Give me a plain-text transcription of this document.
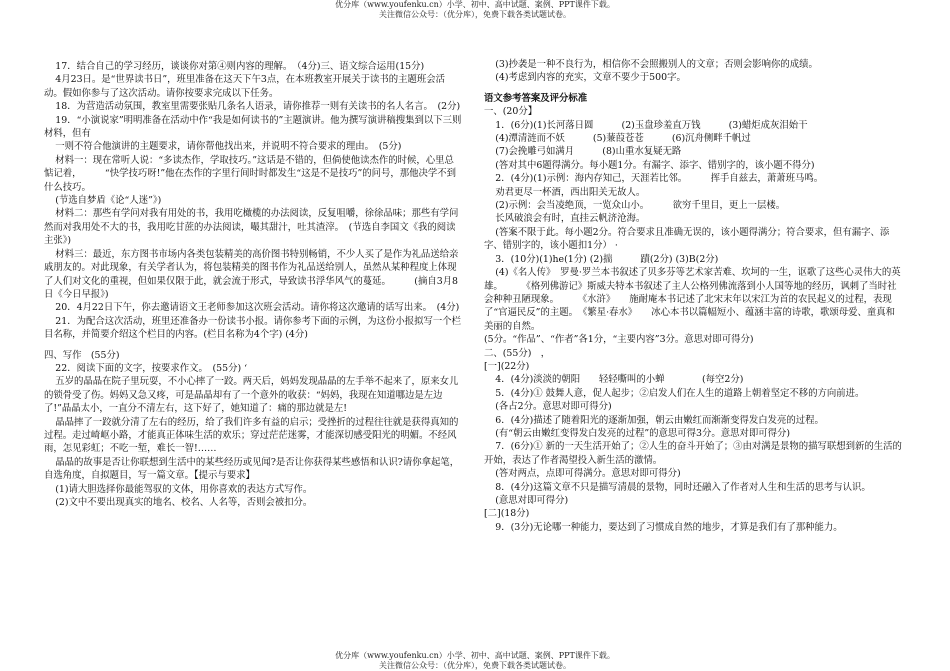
优分库（www.youfenku.cn）小学、初中、高中试题、案例、PPT课件下载。
关注微信公众号：（优分库），免费下载各类试题试卷。

17．结合自己的学习经历，谈谈你对第④则内容的理解。　（4分)三、语文综合运用(15分)

4月23日。是“世界读书日”，班里准备在这天下午3点，在本班教室开展关于读书的主题班会活动。假如你参与了这次活动。请你按要求完成以下任务。

18．为营造活动氛围，教室里需要张贴几条名人语录，请你推荐一则有关读书的名人名言。　(2分)

19．“小演说家”明明准备在活动中作“我是如何读书的”主题演讲。他为撰写演讲稿搜集到以下三则材料，但有

一则不符合他演讲的主题要求，请你帮他找出来，并说明不符合要求的理由。　(5分)

材料一：现在常听人说：“多读杰作，学取技巧。”这话是不错的，但倘使他读杰作的时候，心里总惦记着，　　　“快学技巧呀!”他在杰作的字里行间时时都发生“这是不是技巧”的问号，那他决学不到什么技巧。

(节选自梦盾《论“人迷”》)

材料二：那些有学问对我有用处的书，我用吃橄榄的办法阅读，反复咀嚼，徐徐品味；那些有学问然而对我用处不大的书，我用吃甘蔗的办法阅读，嘬其甜汁，吐其渣滓。　(节选自李国文《我的阅读主张》)

材料三：最近，东方图书市场内各类包装精美的高价图书特别畅销，不少人买了是作为礼品送给亲戚朋友的。对此现象，有关学者认为，将包装精美的图书作为礼品送给别人，虽然从某种程度上体现了人们对文化的重视，但如果仅限于此，就会流于形式，导致读书浮华风气的蔓延。　　　(摘自3月8日《今日早报》)

20．4月22日下午，你去邀请语文王老师参加这次班会活动。请你将这次邀请的话写出来。　(4分)

21．为配合这次活动，班里还准备办一份读书小报。请你参考下面的示例，为这份小报拟写一个栏目名称，并简要介绍这个栏目的内容。(栏目名称为4个字) (4分)

四、写作　(55分)

22．阅读下面的文字，按要求作文。　(55分) ‘

五岁的晶晶在院子里玩耍，不小心摔了一跤。两天后，妈妈发现晶晶的左手举不起来了，原来女儿的锁骨受了伤。妈妈又急又疼，可是晶晶却有了一个意外的收获：“妈妈，我现在知道哪边是左边了!”晶晶太小，一直分不清左右，这下好了，她知道了：痛的那边就是左!

晶晶摔了一跤就分清了左右的经历，给了我们许多有益的启示；受挫折的过程往往就是获得真知的过程。走过崎岖小路，才能真正体味生活的欢乐；穿过茫茫迷雾，才能深切感受阳光的明媚。不经风雨，怎见彩虹；不吃一堑，难长一智!……

晶晶的故事是否让你联想到生活中的某些经历或见闻?是否让你获得某些感悟和认识?请你拿起笔，自选角度，自拟题目，写一篇文章。【提示与要求】

(1)请大胆选择你最能驾驭的文体，用你喜欢的表达方式写作。

(2)文中不要出现真实的地名、校名、人名等，否则会被扣分。

(3)抄袭是一种不良行为，相信你不会照搬别人的文章；否则会影响你的成绩。

(4)考虑到内容的充实，文章不要少于500字。

语文参考答案及评分标准

一、(20分】

1．(6分)(1)长河落日圆　　　(2)玉盘珍羞直万钱　　　(3)蜡炬成灰泪始干

(4)潭清涟而不妖　　　(5)蒹葭苍苍　　　(6)沉舟侧畔千帆过

(7)会挽雕弓如满月　　　(8)山重水复疑无路

(答对其中6题得满分。每小题1分。有漏字、添字、错别字的，该小题不得分)

2．(4分)(1)示例：海内存知己，天涯若比邻。　　　挥手自兹去，萧萧班马鸣。

劝君更尽一杯酒，西出阳关无故人。

(2)示例：会当凌绝顶，一览众山小。　　　欲穷千里目，更上一层楼。

长风破浪会有时，直挂云帆济沧海。

(答案不限于此。每小题2分。符合要求且准确无误的，该小题得满分；符合要求，但有漏字、添字、错别字的，该小题扣1分） ·

3．(10分)(1)he(1分) (2)揣　　　蹟(2分) (3)B(2分)

(4)《名人传》　罗曼·罗兰本书叙述了贝多芬等艺术家苦难、坎坷的一生，讴歌了这些心灵伟大的英雄。　　　《格列佛游记》斯威夫特本书叙述了主人公格列佛流落到小人国等地的经历，讽刺了当时社会种种丑陋现象。　　　《水浒》　　施耐庵本书记述了北宋末年以宋江为首的农民起义的过程，表现了“官逼民反”的主题。　《繁星·春水》　　冰心本书以篇幅短小、蕴涵丰富的诗歌，歌颂母爱、童真和美丽的自然。

(5分。“作品”、“作者”各1分，“主要内容”3分。意思对即可得分)

二、(55分)　，

[一](22分)

4．(4分)淡淡的朝阳　　轻轻嘶叫的小蝉　　　　(每空2分)

5．(4分)① 鼓舞人意，促人起步；②启发人们在人生的道路上朝着坚定不移的方向前进。

(各占2分。意思对即可得分)

6．(4分)描述了随着阳光的逐渐加强，朝云由嫩红而渐渐变得发白发亮的过程。

(有“朝云由嫩红变得发白发亮的过程”的意思可得3分。意思对即可得分)

7．(6分)① 新的一天生活开始了；②人生的奋斗开始了；③由对满是景物的描写联想到新的生活的开始，表达了作者渴望投入新生活的激情。

(答对两点，点即可得满分。意思对即可得分)

8．(4分)这篇文章不只是描写清晨的景物，同时还融入了作者对人生和生活的思考与认识。

(意思对即可得分)

[二](18分)

9．(3分)无论哪一种能力，要达到了习惯成自然的地步，才算是我们有了那种能力。

优分库（www.youfenku.cn）小学、初中、高中试题、案例、PPT课件下载。
关注微信公众号：（优分库），免费下载各类试题试卷。
